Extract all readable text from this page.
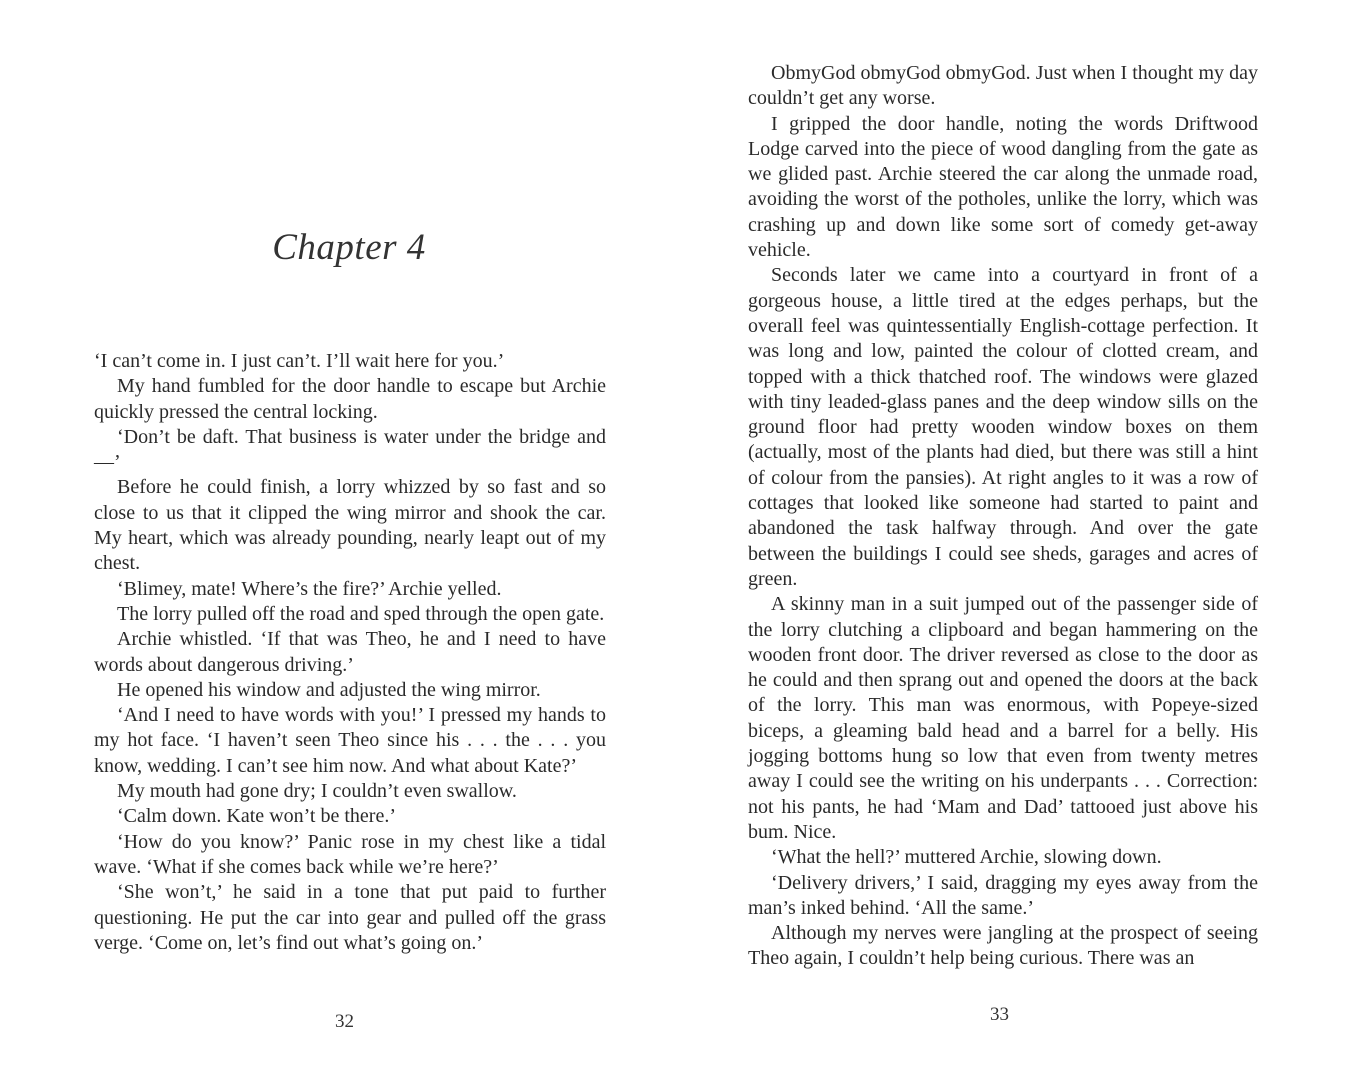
Chapter 4

‘I can’t come in. I just can’t. I’ll wait here for you.’

My hand fumbled for the door handle to escape but Archie quickly pressed the central locking.

‘Don’t be daft. That business is water under the bridge and—’

Before he could finish, a lorry whizzed by so fast and so close to us that it clipped the wing mirror and shook the car. My heart, which was already pounding, nearly leapt out of my chest.

‘Blimey, mate! Where’s the fire?’ Archie yelled.

The lorry pulled off the road and sped through the open gate.

Archie whistled. ‘If that was Theo, he and I need to have words about dangerous driving.’

He opened his window and adjusted the wing mirror.

‘And I need to have words with you!’ I pressed my hands to my hot face. ‘I haven’t seen Theo since his . . . the . . . you know, wedding. I can’t see him now. And what about Kate?’

My mouth had gone dry; I couldn’t even swallow.

‘Calm down. Kate won’t be there.’

‘How do you know?’ Panic rose in my chest like a tidal wave. ‘What if she comes back while we’re here?’

‘She won’t,’ he said in a tone that put paid to further questioning. He put the car into gear and pulled off the grass verge. ‘Come on, let’s find out what’s going on.’

32

ObmyGod obmyGod obmyGod. Just when I thought my day couldn’t get any worse.

I gripped the door handle, noting the words Driftwood Lodge carved into the piece of wood dangling from the gate as we glided past. Archie steered the car along the unmade road, avoiding the worst of the potholes, unlike the lorry, which was crashing up and down like some sort of comedy get-away vehicle.

Seconds later we came into a courtyard in front of a gorgeous house, a little tired at the edges perhaps, but the overall feel was quintessentially English-cottage perfection. It was long and low, painted the colour of clotted cream, and topped with a thick thatched roof. The windows were glazed with tiny leaded-glass panes and the deep window sills on the ground floor had pretty wooden window boxes on them (actually, most of the plants had died, but there was still a hint of colour from the pansies). At right angles to it was a row of cottages that looked like someone had started to paint and abandoned the task halfway through. And over the gate between the buildings I could see sheds, garages and acres of green.

A skinny man in a suit jumped out of the passenger side of the lorry clutching a clipboard and began hammering on the wooden front door. The driver reversed as close to the door as he could and then sprang out and opened the doors at the back of the lorry. This man was enormous, with Popeye-sized biceps, a gleaming bald head and a barrel for a belly. His jogging bottoms hung so low that even from twenty metres away I could see the writing on his underpants . . . Correction: not his pants, he had ‘Mam and Dad’ tattooed just above his bum. Nice.

‘What the hell?’ muttered Archie, slowing down.

‘Delivery drivers,’ I said, dragging my eyes away from the man’s inked behind. ‘All the same.’

Although my nerves were jangling at the prospect of seeing Theo again, I couldn’t help being curious. There was an

33
